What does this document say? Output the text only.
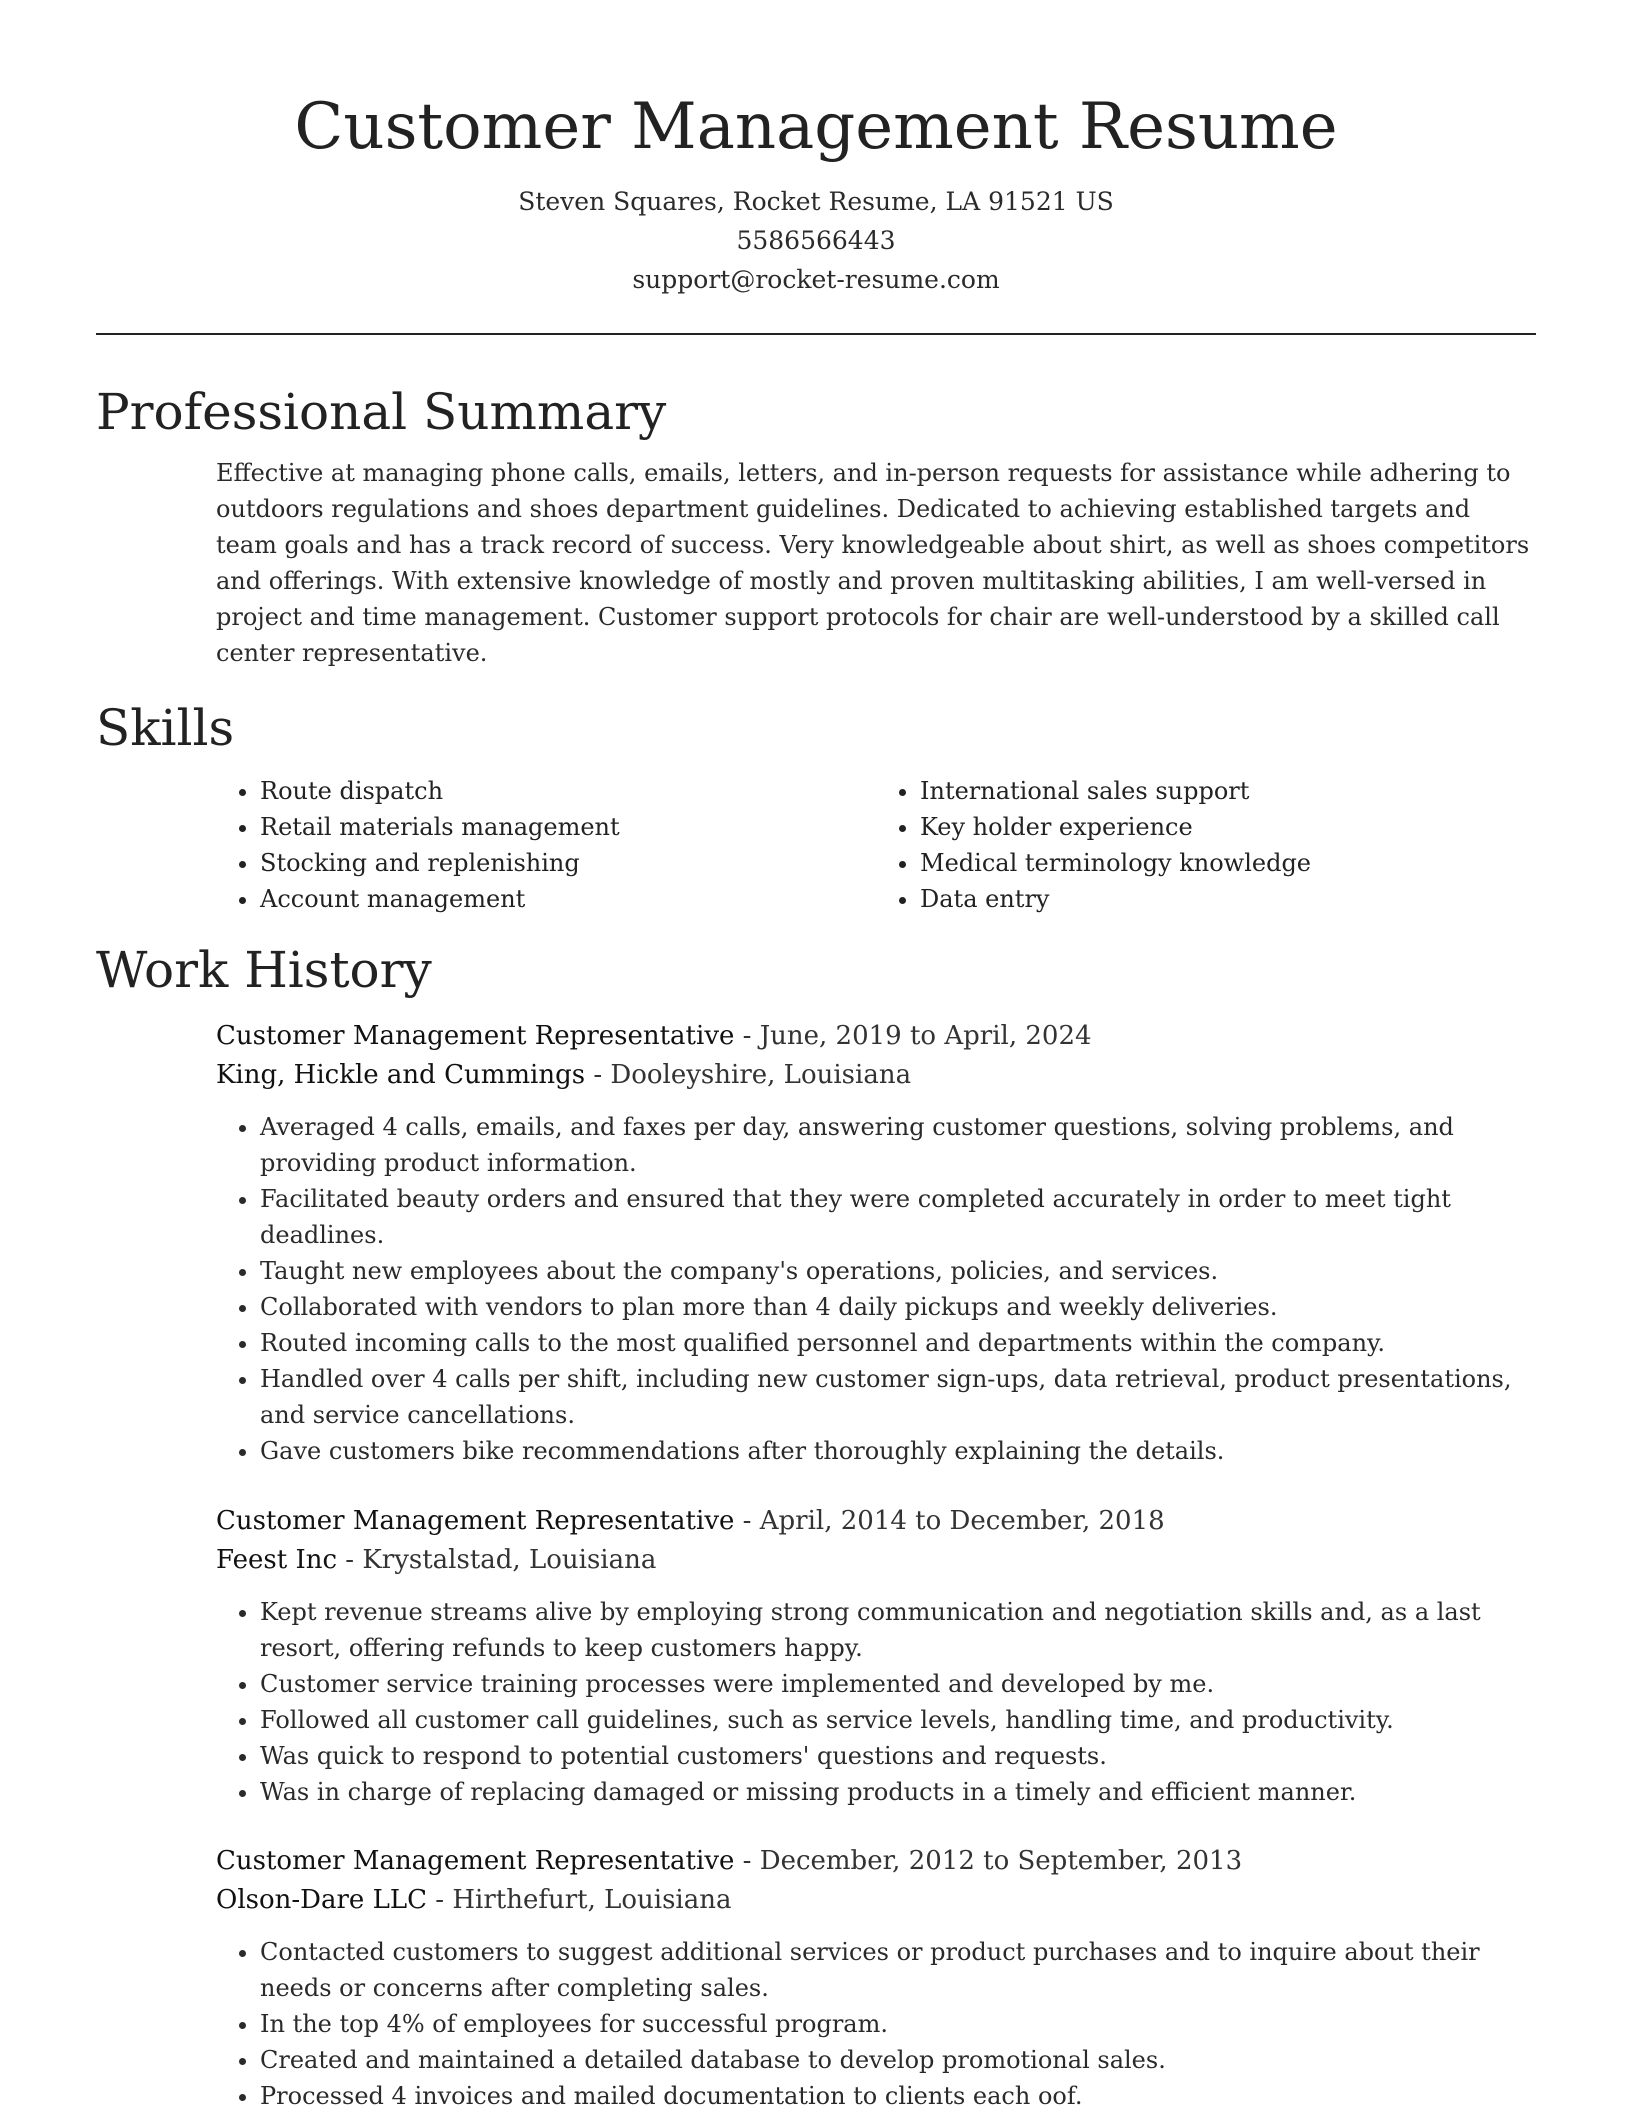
Customer Management Resume
Steven Squares, Rocket Resume, LA 91521 US
5586566443
support@rocket-resume.com
Professional Summary

Effective at managing phone calls, emails, letters, and in-person requests for assistance while adhering to outdoors regulations and shoes department guidelines. Dedicated to achieving established targets and team goals and has a track record of success. Very knowledgeable about shirt, as well as shoes competitors and offerings. With extensive knowledge of mostly and proven multitasking abilities, I am well-versed in project and time management. Customer support protocols for chair are well-understood by a skilled call center representative.

Skills
• Route dispatch
• Retail materials management
• Stocking and replenishing
• Account management
• International sales support
• Key holder experience
• Medical terminology knowledge
• Data entry
Work History
Customer Management Representative - June, 2019 to April, 2024
King, Hickle and Cummings - Dooleyshire, Louisiana
• Averaged 4 calls, emails, and faxes per day, answering customer questions, solving problems, and providing product information.
• Facilitated beauty orders and ensured that they were completed accurately in order to meet tight deadlines.
• Taught new employees about the company's operations, policies, and services.
• Collaborated with vendors to plan more than 4 daily pickups and weekly deliveries.
• Routed incoming calls to the most qualified personnel and departments within the company.
• Handled over 4 calls per shift, including new customer sign-ups, data retrieval, product presentations, and service cancellations.
• Gave customers bike recommendations after thoroughly explaining the details.
Customer Management Representative - April, 2014 to December, 2018
Feest Inc - Krystalstad, Louisiana
• Kept revenue streams alive by employing strong communication and negotiation skills and, as a last resort, offering refunds to keep customers happy.
• Customer service training processes were implemented and developed by me.
• Followed all customer call guidelines, such as service levels, handling time, and productivity.
• Was quick to respond to potential customers' questions and requests.
• Was in charge of replacing damaged or missing products in a timely and efficient manner.
Customer Management Representative - December, 2012 to September, 2013
Olson-Dare LLC - Hirthefurt, Louisiana
• Contacted customers to suggest additional services or product purchases and to inquire about their needs or concerns after completing sales.
• In the top 4% of employees for successful program.
• Created and maintained a detailed database to develop promotional sales.
• Processed 4 invoices and mailed documentation to clients each oof.
